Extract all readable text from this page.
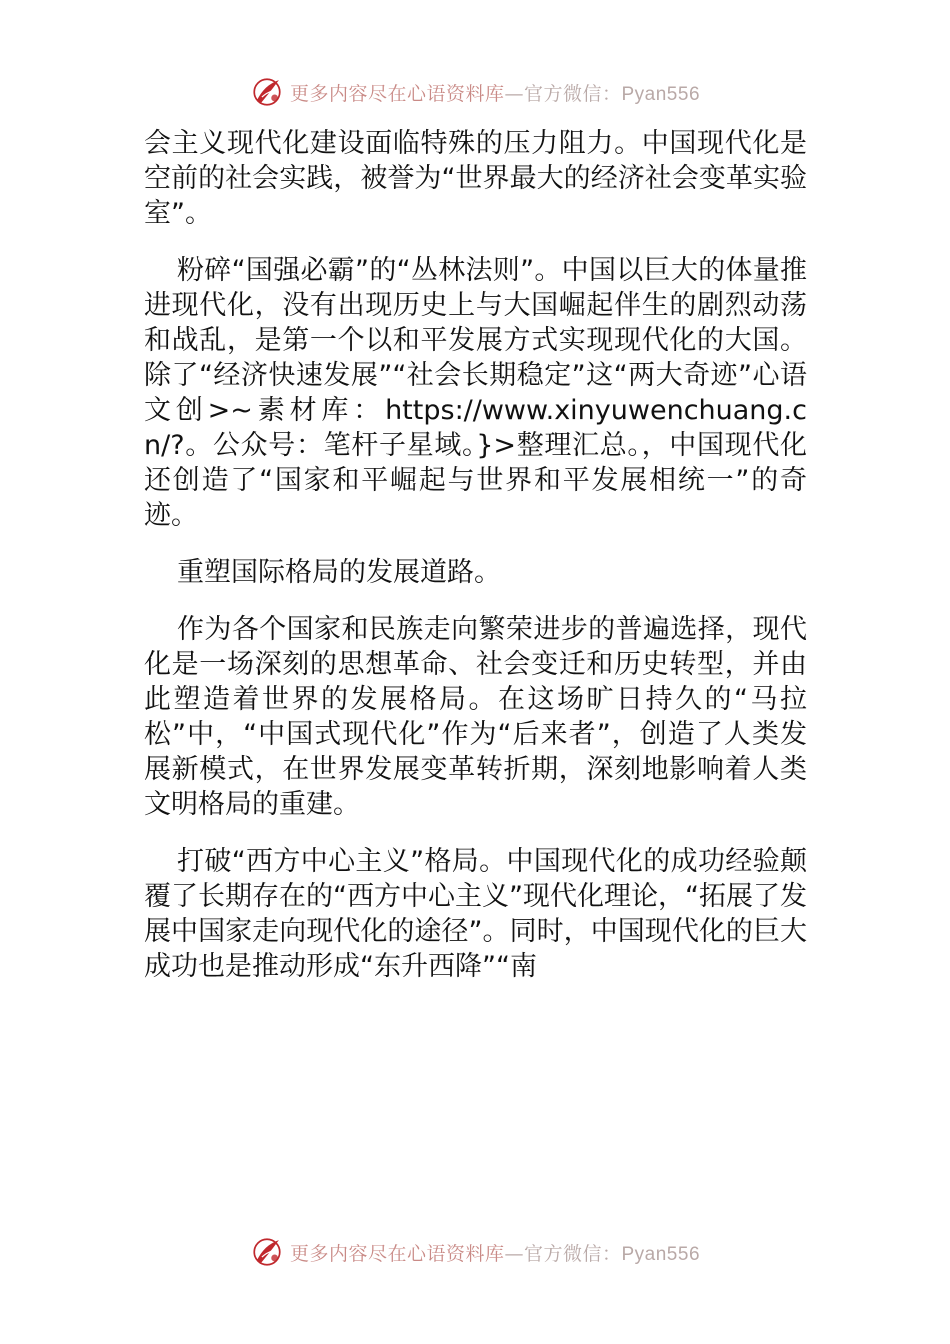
更多内容尽在心语资料库—官方微信：Pyan556

会主义现代化建设面临特殊的压力阻力。中国现代化是空前的社会实践，被誉为“世界最大的经济社会变革实验室”。

粉碎“国强必霸”的“丛林法则”。中国以巨大的体量推进现代化，没有出现历史上与大国崛起伴生的剧烈动荡和战乱，是第一个以和平发展方式实现现代化的大国。除了“经济快速发展”“社会长期稳定”这“两大奇迹”心语文创>~素材库：https://www.xinyuwenchuang.cn/?。公众号：笔杆子星域。}>整理汇总。，中国现代化还创造了“国家和平崛起与世界和平发展相统一”的奇迹。

重塑国际格局的发展道路。

作为各个国家和民族走向繁荣进步的普遍选择，现代化是一场深刻的思想革命、社会变迁和历史转型，并由此塑造着世界的发展格局。在这场旷日持久的“马拉松”中，“中国式现代化”作为“后来者”，创造了人类发展新模式，在世界发展变革转折期，深刻地影响着人类文明格局的重建。

打破“西方中心主义”格局。中国现代化的成功经验颠覆了长期存在的“西方中心主义”现代化理论，“拓展了发展中国家走向现代化的途径”。同时，中国现代化的巨大成功也是推动形成“东升西降”“南

更多内容尽在心语资料库—官方微信：Pyan556
